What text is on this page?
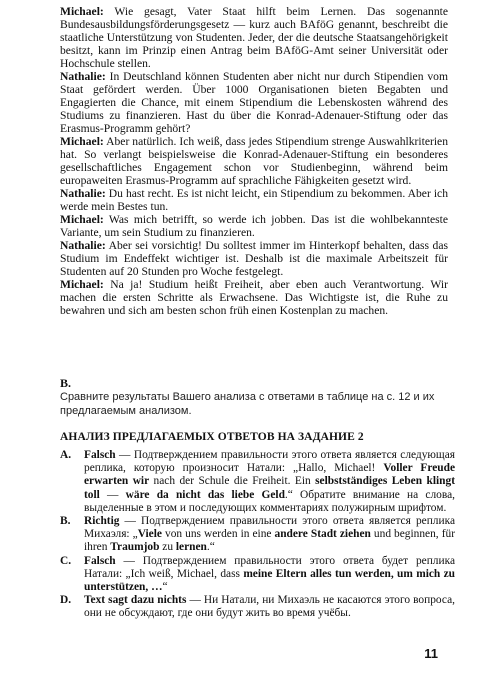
Michael: Wie gesagt, Vater Staat hilft beim Lernen. Das sogenannte Bundesausbildungsförderungsgesetz — kurz auch BAföG genannt, beschreibt die staatliche Unterstützung von Studenten. Jeder, der die deutsche Staatsangehörigkeit besitzt, kann im Prinzip einen Antrag beim BAföG-Amt seiner Universität oder Hochschule stellen.

Nathalie: In Deutschland können Studenten aber nicht nur durch Stipendien vom Staat gefördert werden. Über 1000 Organisationen bieten Begabten und Engagierten die Chance, mit einem Stipendium die Lebenskosten während des Studiums zu finanzieren. Hast du über die Konrad-Adenauer-Stiftung oder das Erasmus-Programm gehört?

Michael: Aber natürlich. Ich weiß, dass jedes Stipendium strenge Auswahlkriterien hat. So verlangt beispielsweise die Konrad-Adenauer-Stiftung ein besonderes gesellschaftliches Engagement schon vor Studienbeginn, während beim europaweiten Erasmus-Programm auf sprachliche Fähigkeiten gesetzt wird.

Nathalie: Du hast recht. Es ist nicht leicht, ein Stipendium zu bekommen. Aber ich werde mein Bestes tun.

Michael: Was mich betrifft, so werde ich jobben. Das ist die wohlbekannteste Variante, um sein Studium zu finanzieren.

Nathalie: Aber sei vorsichtig! Du solltest immer im Hinterkopf behalten, dass das Studium im Endeffekt wichtiger ist. Deshalb ist die maximale Arbeitszeit für Studenten auf 20 Stunden pro Woche festgelegt.

Michael: Na ja! Studium heißt Freiheit, aber eben auch Verantwortung. Wir machen die ersten Schritte als Erwachsene. Das Wichtigste ist, die Ruhe zu bewahren und sich am besten schon früh einen Kostenplan zu machen.

B.

Сравните результаты Вашего анализа с ответами в таблице на с. 12 и их предлагаемым анализом.

АНАЛИЗ ПРЕДЛАГАЕМЫХ ОТВЕТОВ НА ЗАДАНИЕ 2

A. Falsch — Подтверждением правильности этого ответа является следующая реплика, которую произносит Натали: „Hallo, Michael! Voller Freude erwarten wir nach der Schule die Freiheit. Ein selbstständiges Leben klingt toll — wäre da nicht das liebe Geld.“ Обратите внимание на слова, выделенные в этом и последующих комментариях полужирным шрифтом.

B. Richtig — Подтверждением правильности этого ответа является реплика Михаэля: „Viele von uns werden in eine andere Stadt ziehen und beginnen, für ihren Traumjob zu lernen.“

C. Falsch — Подтверждением правильности этого ответа будет реплика Натали: „Ich weiß, Michael, dass meine Eltern alles tun werden, um mich zu unterstützen, …“

D. Text sagt dazu nichts — Ни Натали, ни Михаэль не касаются этого вопроса, они не обсуждают, где они будут жить во время учёбы.

11
